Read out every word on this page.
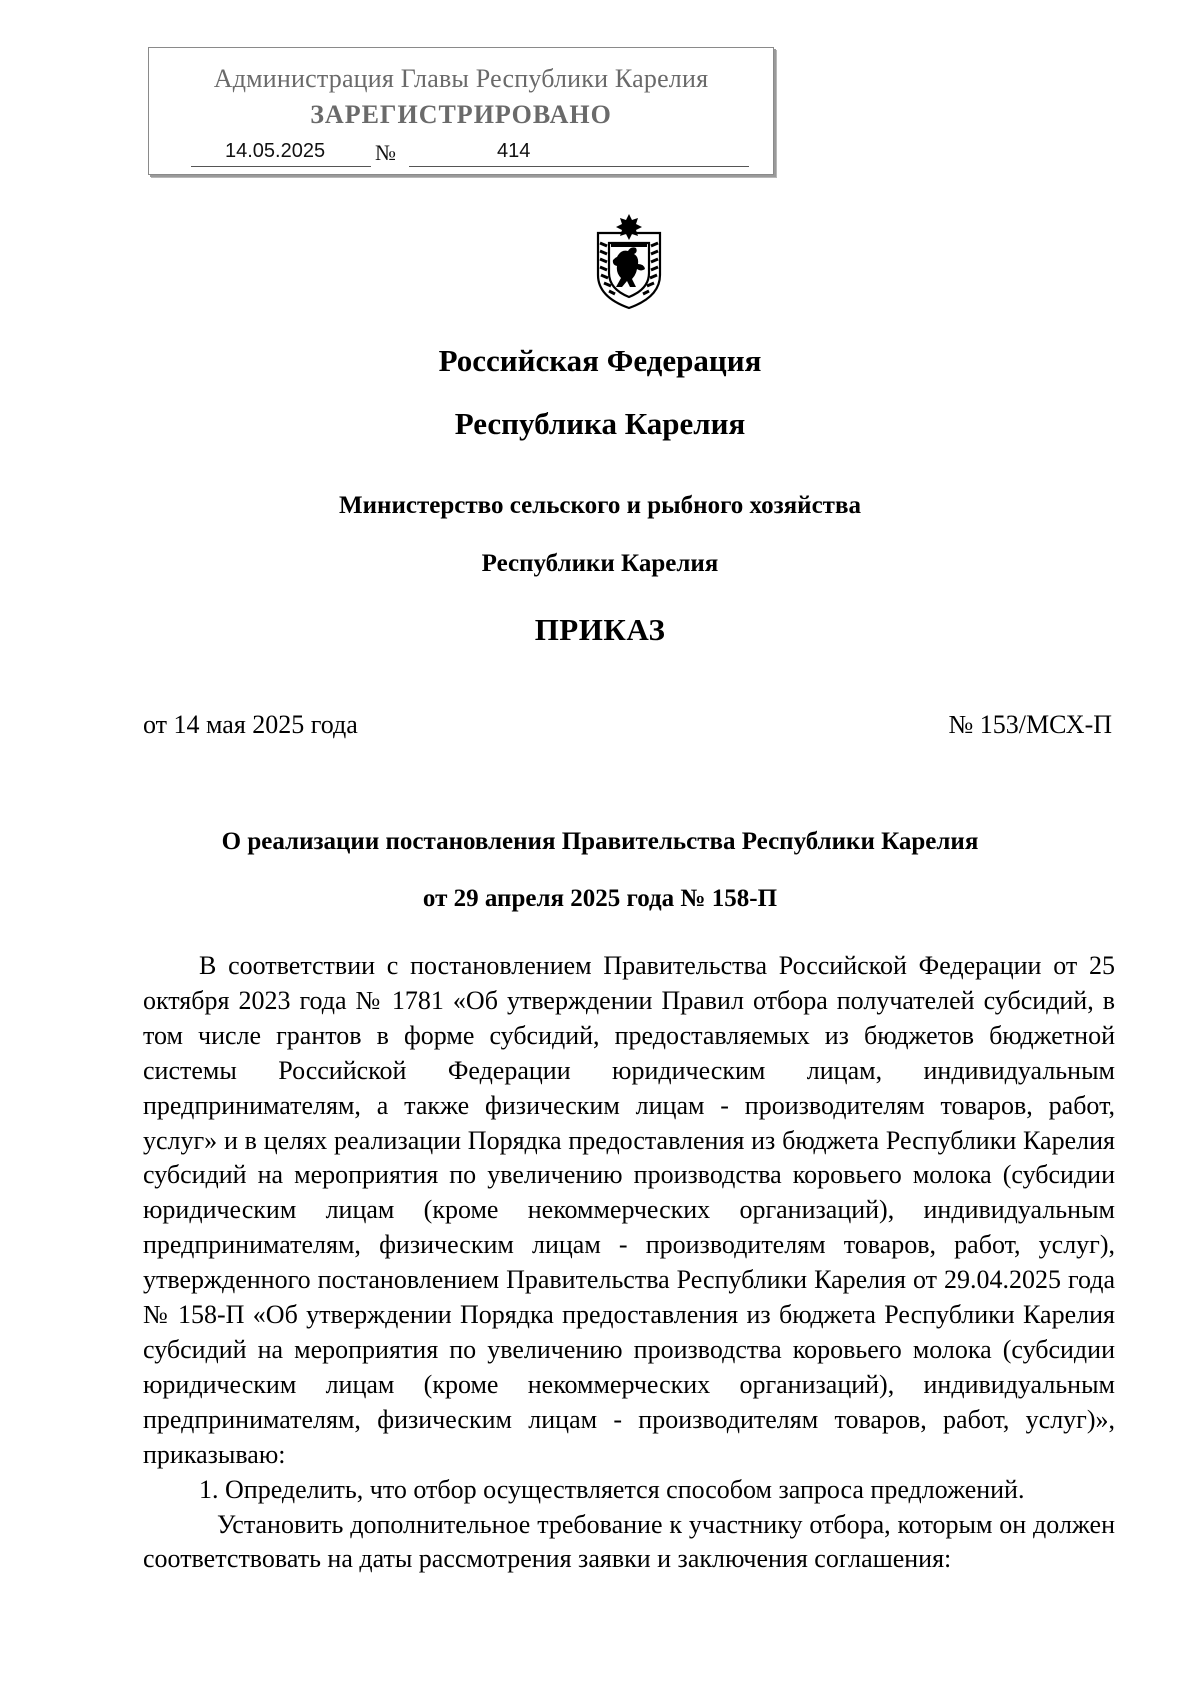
Администрация Главы Республики Карелия
ЗАРЕГИСТРИРОВАНО
14.05.2025 №	414
Российская Федерация
Республика Карелия
Министерство сельского и рыбного хозяйства
Республики Карелия
ПРИКАЗ
от 14 мая 2025 года	№ 153/МСХ-П
О реализации постановления Правительства Республики Карелия
от 29 апреля 2025 года № 158-П

В соответствии с постановлением Правительства Российской Федерации от 25 октября 2023 года № 1781 «Об утверждении Правил отбора получателей субсидий, в том числе грантов в форме субсидий, предоставляемых из бюджетов бюджетной системы Российской Федерации юридическим лицам, индивидуальным предпринимателям, а также физическим лицам - производителям товаров, работ, услуг» и в целях реализации Порядка предоставления из бюджета Республики Карелия субсидий на мероприятия по увеличению производства коровьего молока (субсидии юридическим лицам (кроме некоммерческих организаций), индивидуальным предпринимателям, физическим лицам - производителям товаров, работ, услуг), утвержденного постановлением Правительства Республики Карелия от 29.04.2025 года № 158-П «Об утверждении Порядка предоставления из бюджета Республики Карелия субсидий на мероприятия по увеличению производства коровьего молока (субсидии юридическим лицам (кроме некоммерческих организаций), индивидуальным предпринимателям, физическим лицам - производителям товаров, работ, услуг)», приказываю:

1. Определить, что отбор осуществляется способом запроса предложений.

Установить дополнительное требование к участнику отбора, которым он должен соответствовать на даты рассмотрения заявки и заключения соглашения:
